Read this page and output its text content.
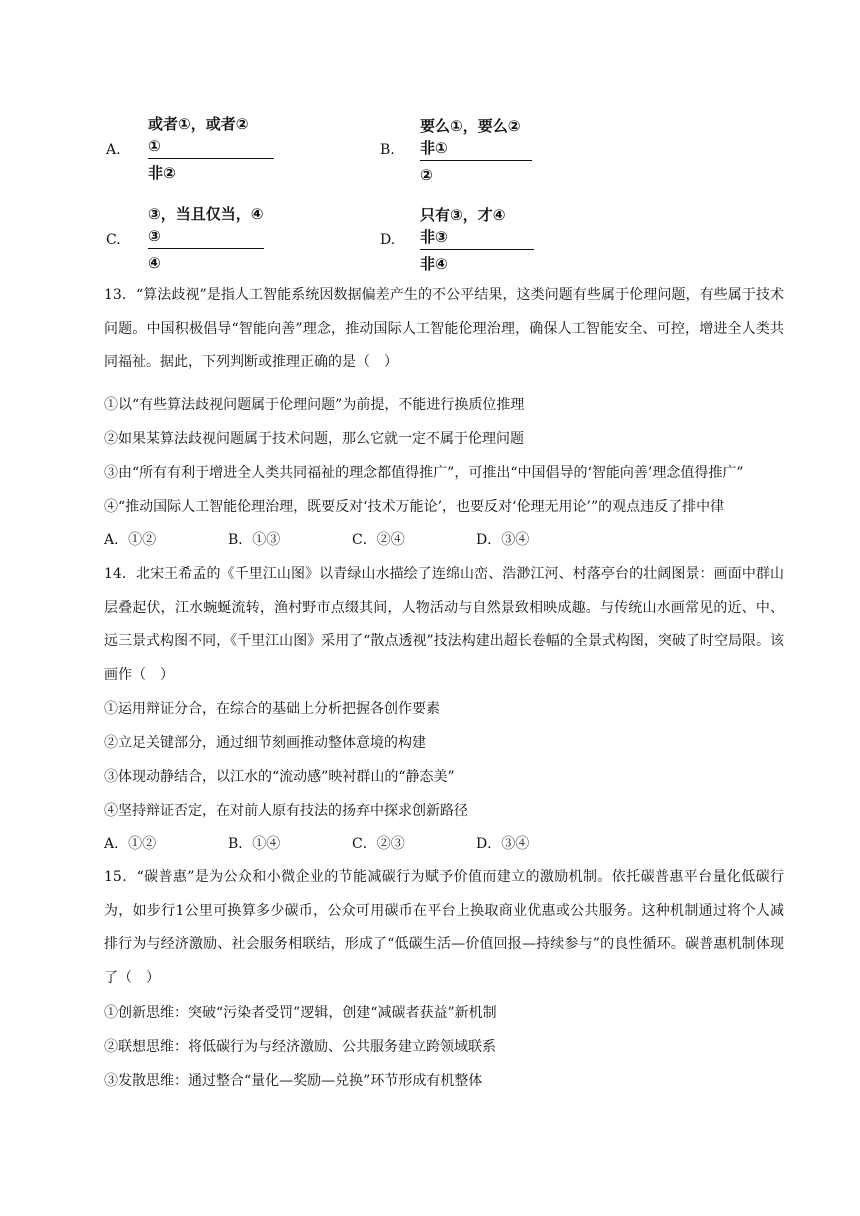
A.
或者①，或者②
①
非②
B.
要么①，要么②
非①
②
C.
③，当且仅当，④
③
④
D.
只有③，才④
非③
非④
13．“算法歧视”是指人工智能系统因数据偏差产生的不公平结果，这类问题有些属于伦理问题，有些属于技术问题。中国积极倡导“智能向善”理念，推动国际人工智能伦理治理，确保人工智能安全、可控，增进全人类共同福祉。据此，下列判断或推理正确的是（　）
①以“有些算法歧视问题属于伦理问题”为前提，不能进行换质位推理
②如果某算法歧视问题属于技术问题，那么它就一定不属于伦理问题
③由“所有有利于增进全人类共同福祉的理念都值得推广”，可推出“中国倡导的‘智能向善’理念值得推广”
④“推动国际人工智能伦理治理，既要反对‘技术万能论’，也要反对‘伦理无用论’”的观点违反了排中律
A．①②	B．①③	C．②④	D．③④
14．北宋王希孟的《千里江山图》以青绿山水描绘了连绵山峦、浩渺江河、村落亭台的壮阔图景：画面中群山层叠起伏，江水蜿蜒流转，渔村野市点缀其间，人物活动与自然景致相映成趣。与传统山水画常见的近、中、远三景式构图不同，《千里江山图》采用了“散点透视”技法构建出超长卷幅的全景式构图，突破了时空局限。该画作（　）
①运用辩证分合，在综合的基础上分析把握各创作要素
②立足关键部分，通过细节刻画推动整体意境的构建
③体现动静结合，以江水的“流动感”映衬群山的“静态美”
④坚持辩证否定，在对前人原有技法的扬弃中探求创新路径
A．①②	B．①④	C．②③	D．③④
15．“碳普惠”是为公众和小微企业的节能减碳行为赋予价值而建立的激励机制。依托碳普惠平台量化低碳行为，如步行1公里可换算多少碳币，公众可用碳币在平台上换取商业优惠或公共服务。这种机制通过将个人减排行为与经济激励、社会服务相联结，形成了“低碳生活—价值回报—持续参与”的良性循环。碳普惠机制体现了（　）
①创新思维：突破“污染者受罚”逻辑，创建“减碳者获益”新机制
②联想思维：将低碳行为与经济激励、公共服务建立跨领域联系
③发散思维：通过整合“量化—奖励—兑换”环节形成有机整体
